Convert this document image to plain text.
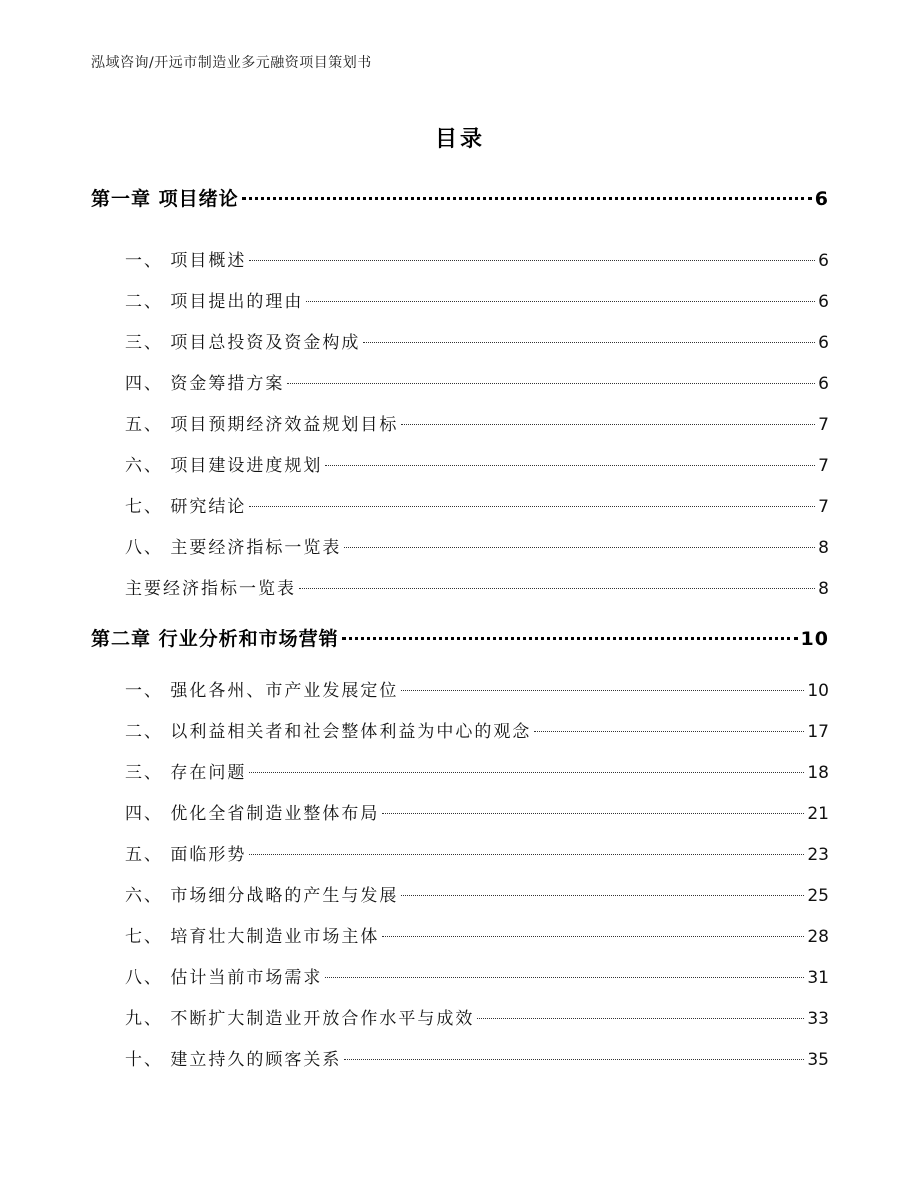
泓域咨询/开远市制造业多元融资项目策划书
目录
第一章 项目绪论	6
一、 项目概述	6
二、 项目提出的理由	6
三、 项目总投资及资金构成	6
四、 资金筹措方案	6
五、 项目预期经济效益规划目标	7
六、 项目建设进度规划	7
七、 研究结论	7
八、 主要经济指标一览表	8
主要经济指标一览表	8
第二章 行业分析和市场营销	10
一、 强化各州、市产业发展定位	10
二、 以利益相关者和社会整体利益为中心的观念	17
三、 存在问题	18
四、 优化全省制造业整体布局	21
五、 面临形势	23
六、 市场细分战略的产生与发展	25
七、 培育壮大制造业市场主体	28
八、 估计当前市场需求	31
九、 不断扩大制造业开放合作水平与成效	33
十、 建立持久的顾客关系	35
